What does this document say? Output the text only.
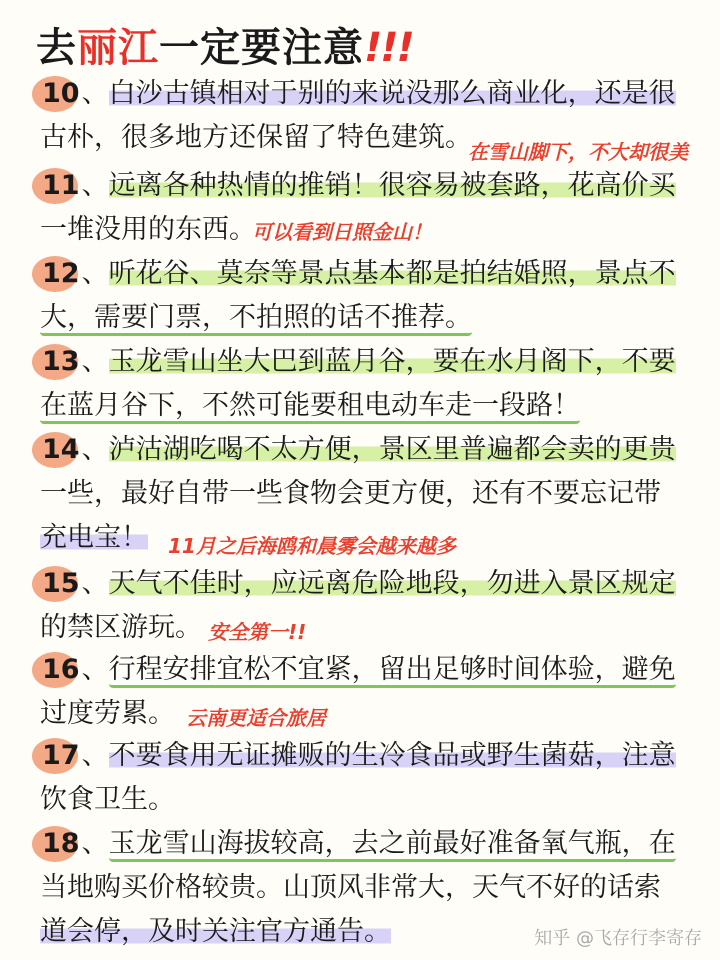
去丽江一定要注意!!!
10、白沙古镇相对于别的来说没那么商业化，还是很
古朴，很多地方还保留了特色建筑。
在雪山脚下，不大却很美
11、远离各种热情的推销！很容易被套路，花高价买
一堆没用的东西。
可以看到日照金山！
12、听花谷、莫奈等景点基本都是拍结婚照，景点不
大，需要门票，不拍照的话不推荐。
13、玉龙雪山坐大巴到蓝月谷，要在水月阁下，不要
在蓝月谷下，不然可能要租电动车走一段路！
14、泸沽湖吃喝不太方便，景区里普遍都会卖的更贵
一些，最好自带一些食物会更方便，还有不要忘记带
充电宝！ 11月之后海鸥和晨雾会越来越多
15、天气不佳时，应远离危险地段，勿进入景区规定
的禁区游玩。 安全第一!!
16、行程安排宜松不宜紧，留出足够时间体验，避免
过度劳累。 云南更适合旅居
17、不要食用无证摊贩的生冷食品或野生菌菇，注意
饮食卫生。
18、玉龙雪山海拔较高，去之前最好准备氧气瓶，在
当地购买价格较贵。山顶风非常大，天气不好的话索
道会停，及时关注官方通告。	知乎 @飞存行李寄存
